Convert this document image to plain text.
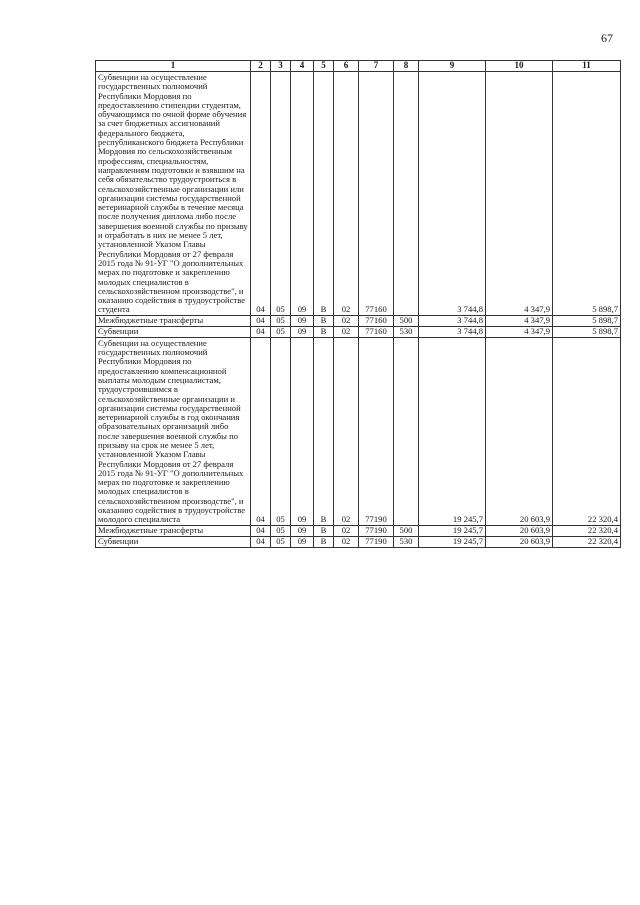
67
1	2	3	4	5	6	7	8	9	10	11

Субвенции на осуществление государственных полномочий Республики Мордовия по предоставлению стипендии студентам, обучающимся по очной форме обучения за счет бюджетных ассигнований федерального бюджета, республиканского бюджета Республики Мордовия по сельскохозяйственным профессиям, специальностям, направлениям подготовки и взявшим на себя обязательство трудоустроиться в сельскохозяйственные организации или организации системы государственной ветеринарной службы в течение месяца после получения диплома либо после завершения военной службы по призыву и отработать в них не менее 5 лет, установленной Указом Главы Республики Мордовия от 27 февраля 2015 года № 91-УГ "О дополнительных мерах по подготовке и закреплению молодых специалистов в сельскохозяйственном производстве", и оказанию содействия в трудоустройстве студента	04	05	09	В	02	77160		3 744,8	4 347,9	5 898,7
Межбюджетные трансферты	04	05	09	В	02	77160	500	3 744,8	4 347,9	5 898,7
Субвенции	04	05	09	В	02	77160	530	3 744,8	4 347,9	5 898,7

Субвенции на осуществление государственных полномочий Республики Мордовия по предоставлению компенсационной выплаты молодым специалистам, трудоустроившимся в сельскохозяйственные организации и организации системы государственной ветеринарной службы в год окончания образовательных организаций либо после завершения военной службы по призыву на срок не менее 5 лет, установленной Указом Главы Республики Мордовия от 27 февраля 2015 года № 91-УГ "О дополнительных мерах по подготовке и закреплению молодых специалистов в сельскохозяйственном производстве", и оказанию содействия в трудоустройстве молодого специалиста	04	05	09	В	02	77190		19 245,7	20 603,9	22 320,4
Межбюджетные трансферты	04	05	09	В	02	77190	500	19 245,7	20 603,9	22 320,4
Субвенции	04	05	09	В	02	77190	530	19 245,7	20 603,9	22 320,4
